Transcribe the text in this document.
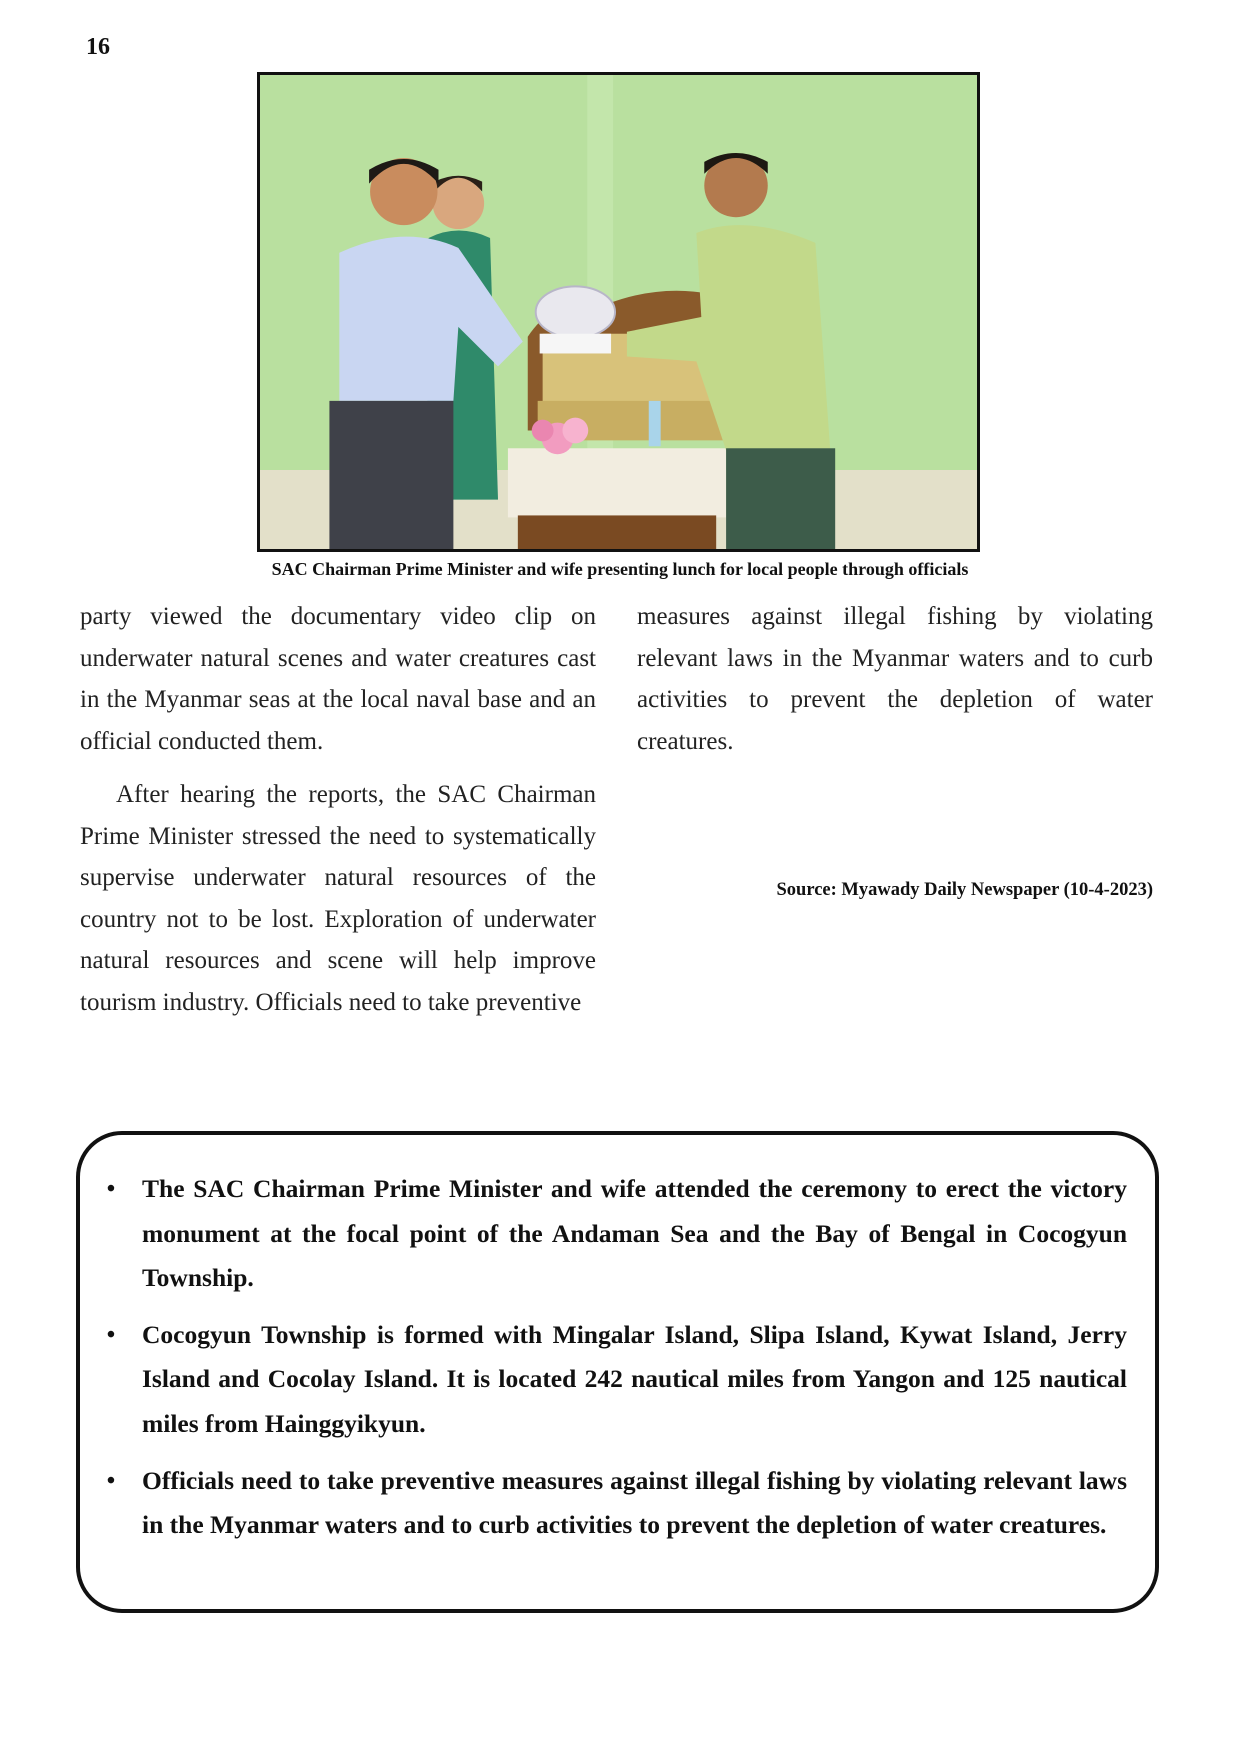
16
SAC Chairman Prime Minister and wife presenting lunch for local people through officials

party viewed the documentary video clip on underwater natural scenes and water creatures cast in the Myanmar seas at the local naval base and an official conducted them.

After hearing the reports, the SAC Chairman Prime Minister stressed the need to systematically supervise underwater natural resources of the country not to be lost. Exploration of underwater natural resources and scene will help improve tourism industry. Officials need to take preventive

measures against illegal fishing by violating relevant laws in the Myanmar waters and to curb activities to prevent the depletion of water creatures.

Source: Myawady Daily Newspaper (10-4-2023)
• The SAC Chairman Prime Minister and wife attended the ceremony to erect the victory monument at the focal point of the Andaman Sea and the Bay of Bengal in Cocogyun Township.
• Cocogyun Township is formed with Mingalar Island, Slipa Island, Kywat Island, Jerry Island and Cocolay Island. It is located 242 nautical miles from Yangon and 125 nautical miles from Hainggyikyun.
• Officials need to take preventive measures against illegal fishing by violating relevant laws in the Myanmar waters and to curb activities to prevent the depletion of water creatures.
